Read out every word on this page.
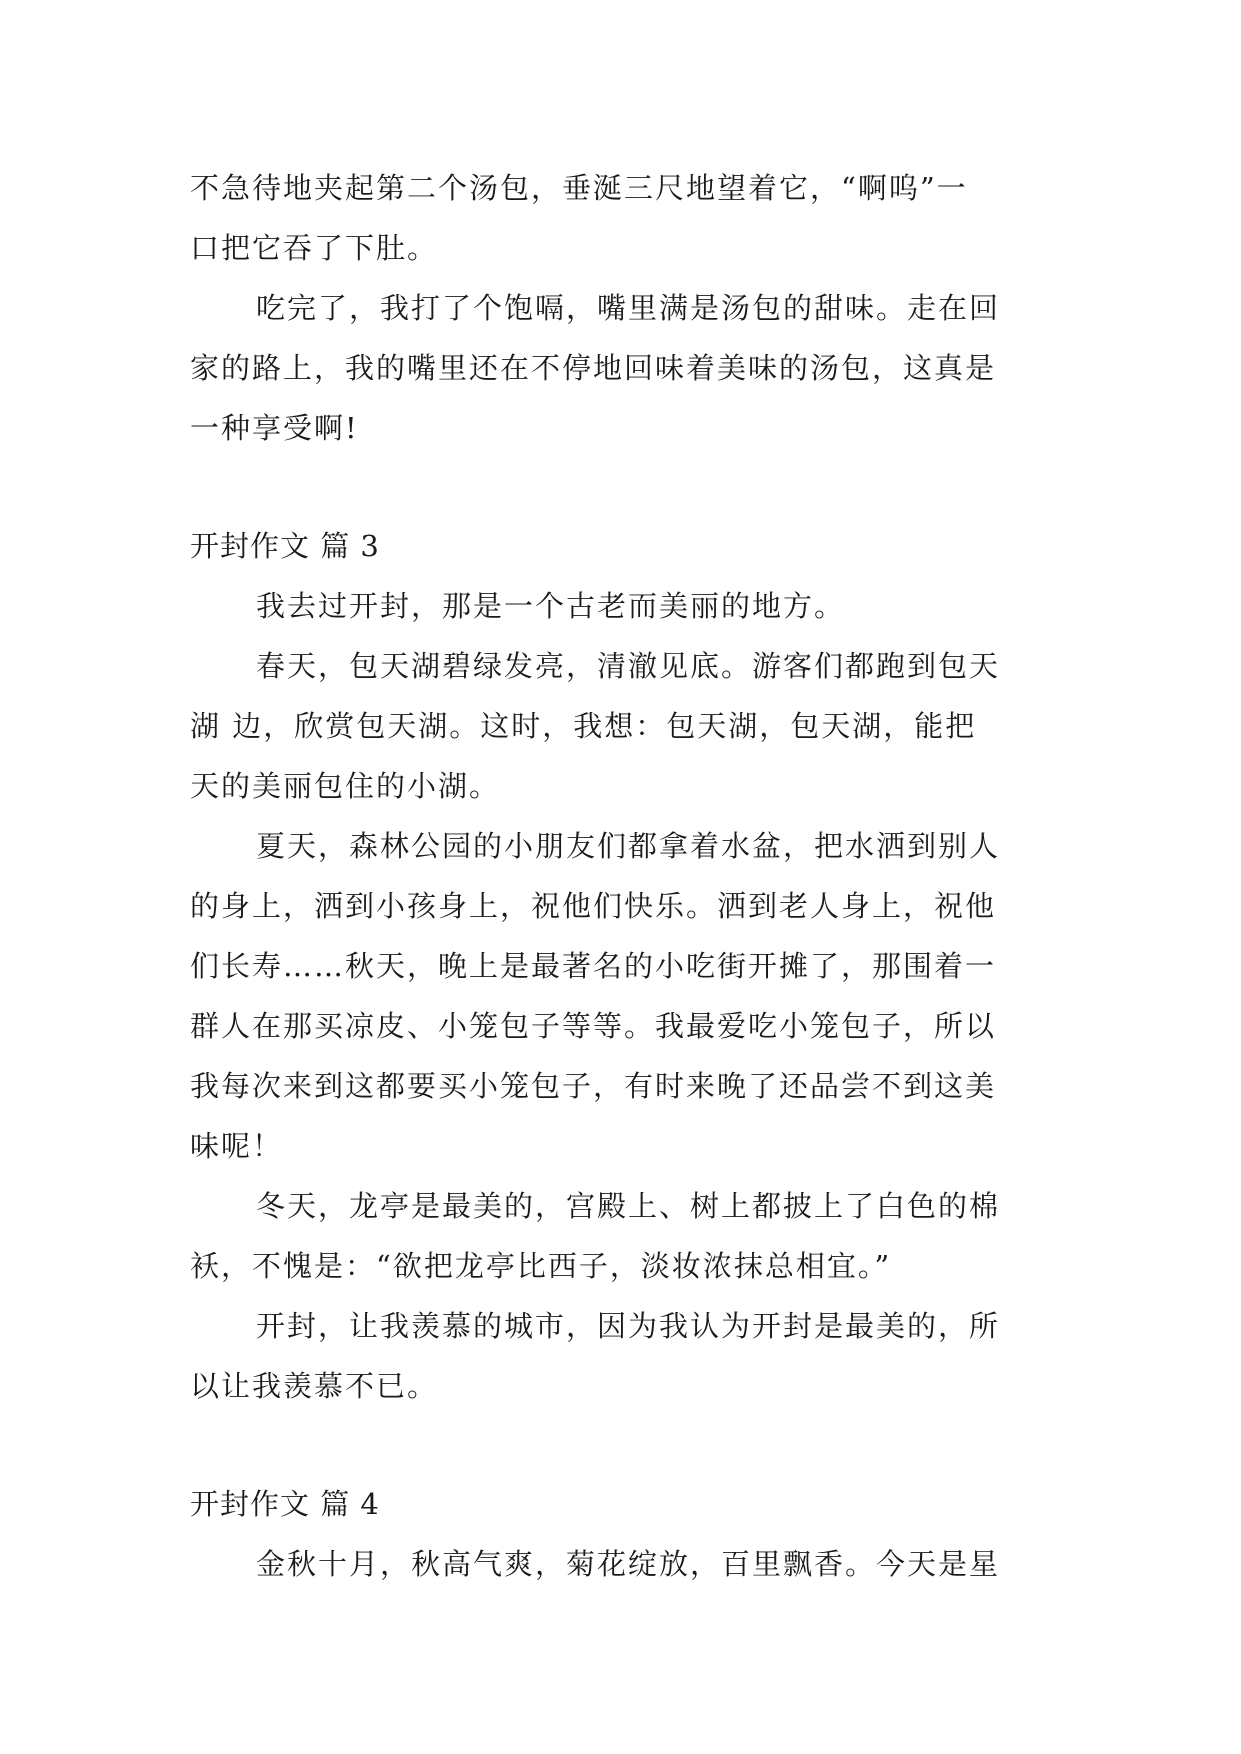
不急待地夹起第二个汤包，垂涎三尺地望着它，“啊呜”一
口把它吞了下肚。
吃完了，我打了个饱嗝，嘴里满是汤包的甜味。走在回
家的路上，我的嘴里还在不停地回味着美味的汤包，这真是
一种享受啊!
开封作文 篇 3
我去过开封，那是一个古老而美丽的地方。
春天，包天湖碧绿发亮，清澈见底。游客们都跑到包天
湖 边，欣赏包天湖。这时，我想：包天湖，包天湖，能把
天的美丽包住的小湖。
夏天，森林公园的小朋友们都拿着水盆，把水洒到别人
的身上，洒到小孩身上，祝他们快乐。洒到老人身上，祝他
们长寿……秋天，晚上是最著名的小吃街开摊了，那围着一
群人在那买凉皮、小笼包子等等。我最爱吃小笼包子，所以
我每次来到这都要买小笼包子，有时来晚了还品尝不到这美
味呢！
冬天，龙亭是最美的，宫殿上、树上都披上了白色的棉
袄，不愧是：“欲把龙亭比西子，淡妆浓抹总相宜。”
开封，让我羡慕的城市，因为我认为开封是最美的，所
以让我羡慕不已。
开封作文 篇 4
金秋十月，秋高气爽，菊花绽放，百里飘香。今天是星
